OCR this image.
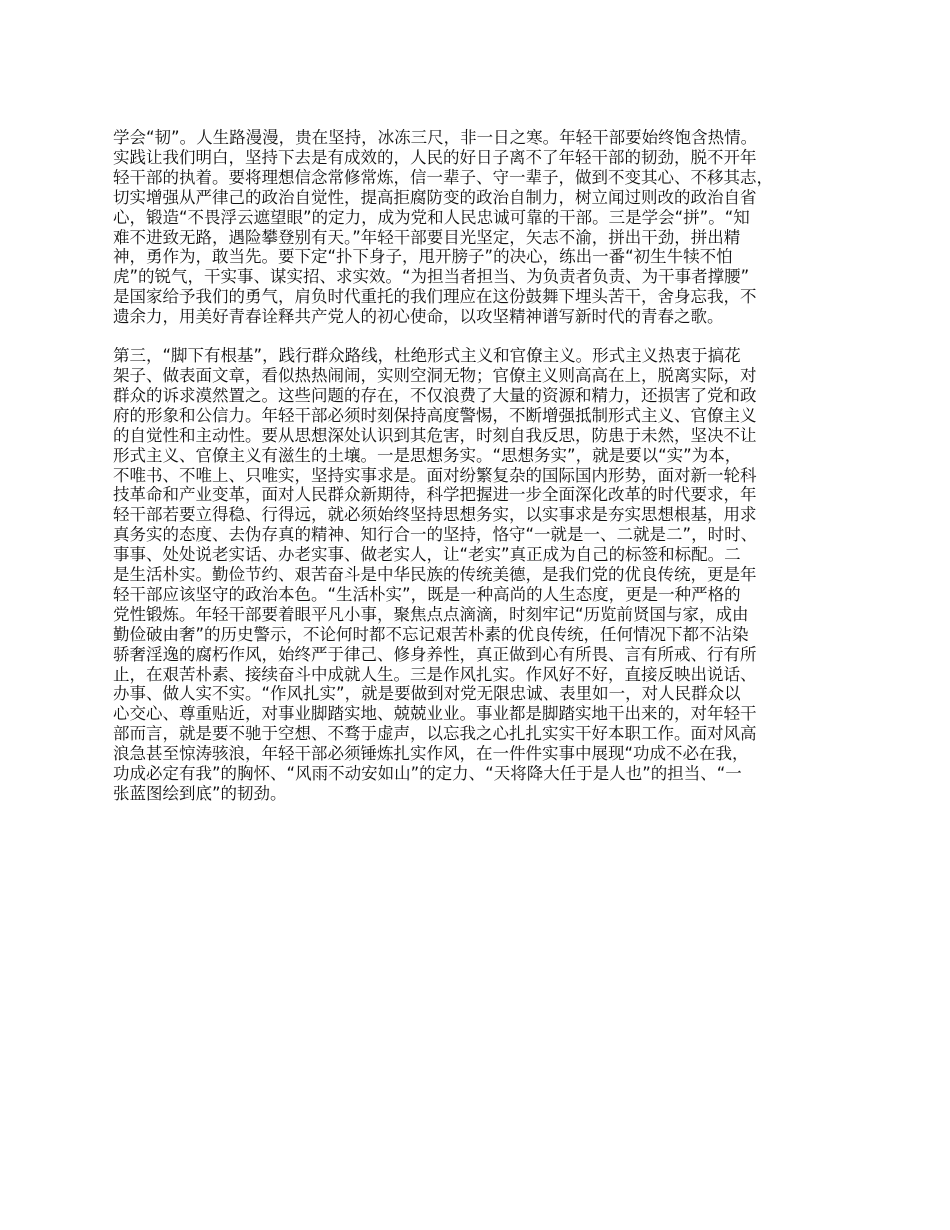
学会“韧”。人生路漫漫，贵在坚持，冰冻三尺，非一日之寒。年轻干部要始终饱含热情。
实践让我们明白，坚持下去是有成效的，人民的好日子离不了年轻干部的韧劲，脱不开年
轻干部的执着。要将理想信念常修常炼，信一辈子、守一辈子，做到不变其心、不移其志，
切实增强从严律己的政治自觉性，提高拒腐防变的政治自制力，树立闻过则改的政治自省
心，锻造“不畏浮云遮望眼”的定力，成为党和人民忠诚可靠的干部。三是学会“拼”。“知
难不进致无路，遇险攀登别有天。”年轻干部要目光坚定，矢志不渝，拼出干劲，拼出精
神，勇作为，敢当先。要下定“扑下身子，甩开膀子”的决心，练出一番“初生牛犊不怕
虎”的锐气，干实事、谋实招、求实效。“为担当者担当、为负责者负责、为干事者撑腰”
是国家给予我们的勇气，肩负时代重托的我们理应在这份鼓舞下埋头苦干，舍身忘我，不
遗余力，用美好青春诠释共产党人的初心使命，以攻坚精神谱写新时代的青春之歌。

第三，“脚下有根基”，践行群众路线，杜绝形式主义和官僚主义。形式主义热衷于搞花
架子、做表面文章，看似热热闹闹，实则空洞无物；官僚主义则高高在上，脱离实际，对
群众的诉求漠然置之。这些问题的存在，不仅浪费了大量的资源和精力，还损害了党和政
府的形象和公信力。年轻干部必须时刻保持高度警惕，不断增强抵制形式主义、官僚主义
的自觉性和主动性。要从思想深处认识到其危害，时刻自我反思，防患于未然，坚决不让
形式主义、官僚主义有滋生的土壤。一是思想务实。“思想务实”，就是要以“实”为本，
不唯书、不唯上、只唯实，坚持实事求是。面对纷繁复杂的国际国内形势，面对新一轮科
技革命和产业变革，面对人民群众新期待，科学把握进一步全面深化改革的时代要求，年
轻干部若要立得稳、行得远，就必须始终坚持思想务实，以实事求是夯实思想根基，用求
真务实的态度、去伪存真的精神、知行合一的坚持，恪守“一就是一、二就是二”，时时、
事事、处处说老实话、办老实事、做老实人，让“老实”真正成为自己的标签和标配。二
是生活朴实。勤俭节约、艰苦奋斗是中华民族的传统美德，是我们党的优良传统，更是年
轻干部应该坚守的政治本色。“生活朴实”，既是一种高尚的人生态度，更是一种严格的
党性锻炼。年轻干部要着眼平凡小事，聚焦点点滴滴，时刻牢记“历览前贤国与家，成由
勤俭破由奢”的历史警示，不论何时都不忘记艰苦朴素的优良传统，任何情况下都不沾染
骄奢淫逸的腐朽作风，始终严于律己、修身养性，真正做到心有所畏、言有所戒、行有所
止，在艰苦朴素、接续奋斗中成就人生。三是作风扎实。作风好不好，直接反映出说话、
办事、做人实不实。“作风扎实”，就是要做到对党无限忠诚、表里如一，对人民群众以
心交心、尊重贴近，对事业脚踏实地、兢兢业业。事业都是脚踏实地干出来的，对年轻干
部而言，就是要不驰于空想、不骛于虚声，以忘我之心扎扎实实干好本职工作。面对风高
浪急甚至惊涛骇浪，年轻干部必须锤炼扎实作风，在一件件实事中展现“功成不必在我，
功成必定有我”的胸怀、“风雨不动安如山”的定力、“天将降大任于是人也”的担当、“一
张蓝图绘到底”的韧劲。
